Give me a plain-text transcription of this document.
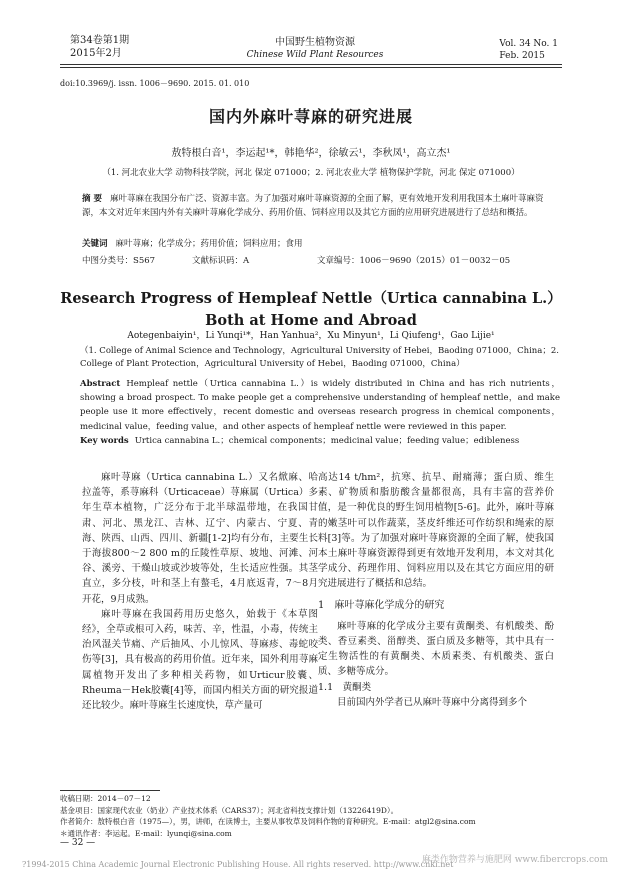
第34卷第1期
2015年2月
中国野生植物资源
Chinese Wild Plant Resources
Vol. 34 No. 1
Feb. 2015
doi:10.3969/j. issn. 1006－9690. 2015. 01. 010
国内外麻叶荨麻的研究进展
敖特根白音¹，李运起¹*，韩艳华²，徐敏云¹，李秋凤¹，高立杰¹
（1. 河北农业大学 动物科技学院，河北 保定 071000；2. 河北农业大学 植物保护学院，河北 保定 071000）
摘 要 麻叶荨麻在我国分布广泛、资源丰富。为了加强对麻叶荨麻资源的全面了解，更有效地开发利用我国本土麻叶荨麻资源，本文对近年来国内外有关麻叶荨麻化学成分、药用价值、饲料应用以及其它方面的应用研究进展进行了总结和概括。
关键词 麻叶荨麻；化学成分；药用价值；饲料应用；食用
中图分类号：S567	文献标识码：A	文章编号：1006－9690（2015）01－0032－05
Research Progress of Hempleaf Nettle（Urtica cannabina L.）
Both at Home and Abroad
Aotegenbaiyin¹，Li Yunqi¹*，Han Yanhua²，Xu Minyun¹，Li Qiufeng¹，Gao Lijie¹
（1. College of Animal Science and Technology，Agricultural University of Hebei，Baoding 071000，China；2. College of Plant Protection，Agricultural University of Hebei，Baoding 071000，China）
Abstract Hempleaf nettle（Urtica cannabina L.）is widely distributed in China and has rich nutrients，showing a broad prospect. To make people get a comprehensive understanding of hempleaf nettle，and make people use it more effectively，recent domestic and overseas research progress in chemical components，medicinal value，feeding value，and other aspects of hempleaf nettle were reviewed in this paper.
Key words Urtica cannabina L.；chemical components；medicinal value；feeding value；edibleness

麻叶荨麻（Urtica cannabina L.）又名焮麻、哈拉盖等，系荨麻科（Urticaceae）荨麻属（Urtica）多年生草本植物，广泛分布于北半球温带地，在我国甘肃、河北、黑龙江、吉林、辽宁、内蒙古、宁夏、青海、陕西、山西、四川、新疆[1-2]均有分布，主要生长于海拔800～2 800 m的丘陵性草原、坡地、河滩、河谷、溪旁、干燥山坡或沙坡等处，生长适应性强。其茎直立，多分枝，叶和茎上有螯毛，4月底返青，7～8月开花，9月成熟。

麻叶荨麻在我国药用历史悠久，始载于《本草图经》，全草或根可入药，味苦、辛，性温，小毒，传统主治风湿关节痛、产后抽风、小儿惊风、荨麻疹、毒蛇咬伤等[3]，具有极高的药用价值。近年来，国外利用荨麻属植物开发出了多种相关药物，如Urticur胶囊、Rheuma－Hek胶囊[4]等，而国内相关方面的研究报道还比较少。麻叶荨麻生长速度快，草产量可

高达14 t/hm²，抗寒、抗旱、耐痛薄；蛋白质、维生素、矿物质和脂肪酸含量都很高，具有丰富的营养价值，是一种优良的野生饲用植物[5-6]。此外，麻叶荨麻的嫩茎叶可以作蔬菜，茎皮纤维还可作纺织和绳索的原料[3]等。为了加强对麻叶荨麻资源的全面了解，使我国本土麻叶荨麻资源得到更有效地开发利用，本文对其化学成分、药理作用、饲料应用以及在其它方面应用的研究进展进行了概括和总结。

1　麻叶荨麻化学成分的研究

麻叶荨麻的化学成分主要有黄酮类、有机酸类、酚类、香豆素类、甾醇类、蛋白质及多糖等，其中具有一定生物活性的有黄酮类、木质素类、有机酸类、蛋白质、多糖等成分。

1.1　黄酮类

目前国内外学者已从麻叶荨麻中分离得到多个

收稿日期：2014－07－12
基金项目：国家现代农业（奶业）产业技术体系（CARS37）；河北省科技支撑计划（13226419D）。
作者简介：敖特根白音（1975—），男，讲师，在读博士，主要从事牧草及饲料作物的育种研究。E-mail：atgl2@sina.com
＊通讯作者：李运起。E-mail：lyunqi@sina.com
— 32 —
?1994-2015 China Academic Journal Electronic Publishing House. All rights reserved. http://www.cnki.net
麻类作物营养与施肥网 www.fibercrops.com
